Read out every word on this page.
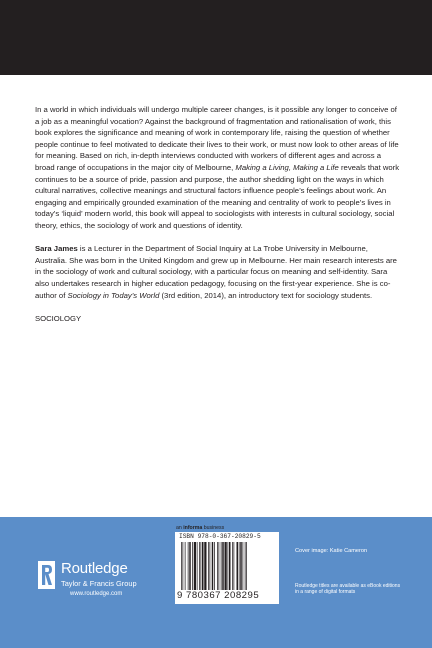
In a world in which individuals will undergo multiple career changes, is it possible any longer to conceive of a job as a meaningful vocation? Against the background of fragmentation and rationalisation of work, this book explores the significance and meaning of work in contemporary life, raising the question of whether people continue to feel motivated to dedicate their lives to their work, or must now look to other areas of life for meaning. Based on rich, in-depth interviews conducted with workers of different ages and across a broad range of occupations in the major city of Melbourne, Making a Living, Making a Life reveals that work continues to be a source of pride, passion and purpose, the author shedding light on the ways in which cultural narratives, collective meanings and structural factors influence people’s feelings about work. An engaging and empirically grounded examination of the meaning and centrality of work to people’s lives in today’s ‘liquid’ modern world, this book will appeal to sociologists with interests in cultural sociology, social theory, ethics, the sociology of work and questions of identity.

Sara James is a Lecturer in the Department of Social Inquiry at La Trobe University in Melbourne, Australia. She was born in the United Kingdom and grew up in Melbourne. Her main research interests are in the sociology of work and cultural sociology, with a particular focus on meaning and self-identity. Sara also undertakes research in higher education pedagogy, focusing on the first-year experience. She is co-author of Sociology in Today’s World (3rd edition, 2014), an introductory text for sociology students.

SOCIOLOGY

Routledge
Taylor & Francis Group
www.routledge.com
an informa business
ISBN 978-0-367-20829-5
9 780367 208295
Cover image: Katie Cameron
Routledge titles are available as eBook editions in a range of digital formats
